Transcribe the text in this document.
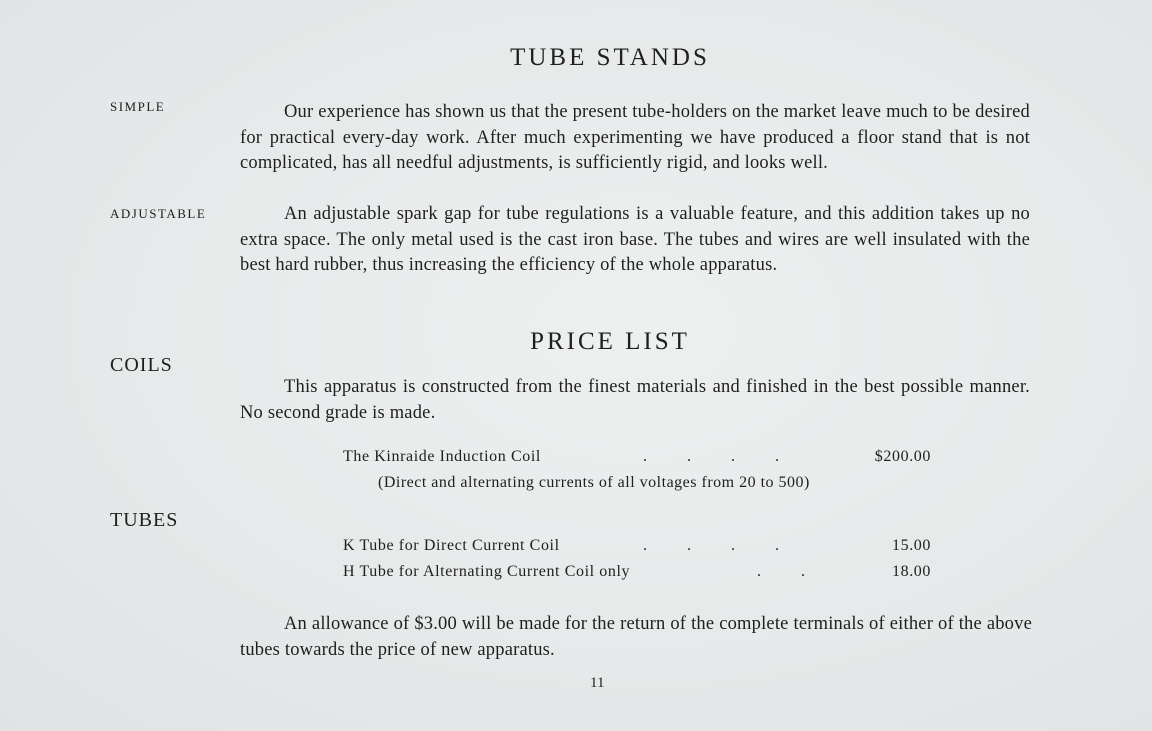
TUBE STANDS
SIMPLE	Our experience has shown us that the present tube-holders on the market leave much to be desired for practical every-day work. After much experimenting we have produced a floor stand that is not complicated, has all needful adjustments, is sufficiently rigid, and looks well.
ADJUSTABLE	An adjustable spark gap for tube regulations is a valuable feature, and this addition takes up no extra space. The only metal used is the cast iron base. The tubes and wires are well insulated with the best hard rubber, thus increasing the efficiency of the whole apparatus.
PRICE LIST
COILS
This apparatus is constructed from the finest materials and finished in the best possible manner. No second grade is made.
The Kinraide Induction Coil	.          .          .          .	$200.00
(Direct and alternating currents of all voltages from 20 to 500)
TUBES
K Tube for Direct Current Coil	.          .          .          .	15.00
H Tube for Alternating Current Coil only	.          .	18.00
An allowance of $3.00 will be made for the return of the complete terminals of either of the above tubes towards the price of new apparatus.
11
